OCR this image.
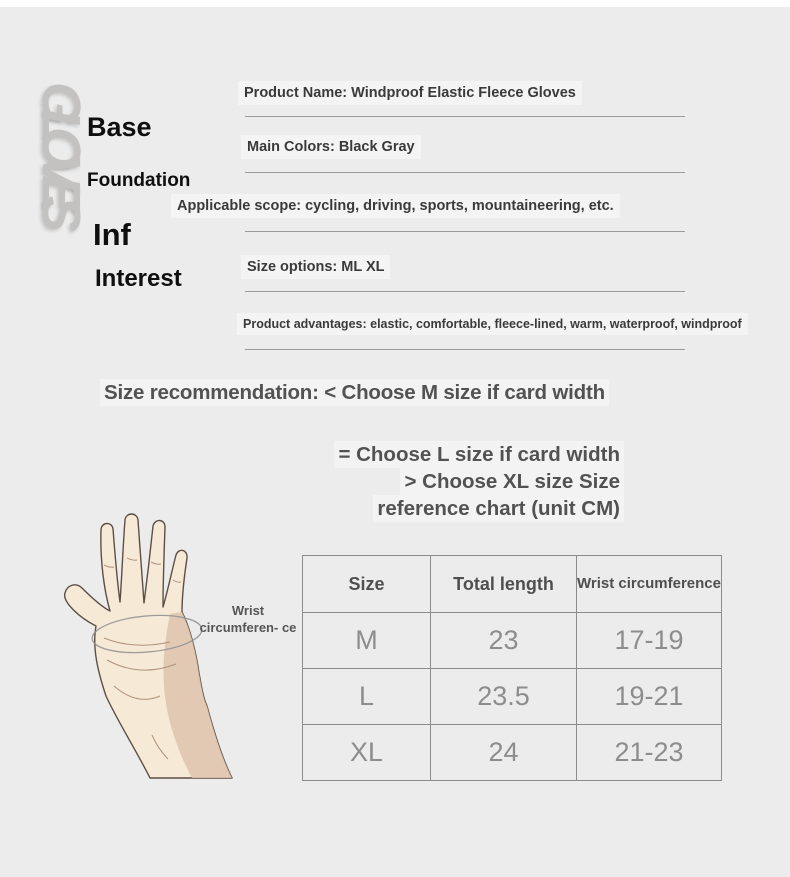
GLOVES
Base
Foundation
Inf
Interest
Product Name: Windproof Elastic Fleece Gloves
Main Colors: Black Gray
Applicable scope: cycling, driving, sports, mountaineering, etc.
Size options: ML XL
Product advantages: elastic, comfortable, fleece-lined, warm, waterproof, windproof
Size recommendation: < Choose M size if card width
= Choose L size if card width
> Choose XL size Size
reference chart (unit CM)
Wrist circumferen- ce
Size	Total length	Wrist circumference
M	23	17-19
L	23.5	19-21
XL	24	21-23
